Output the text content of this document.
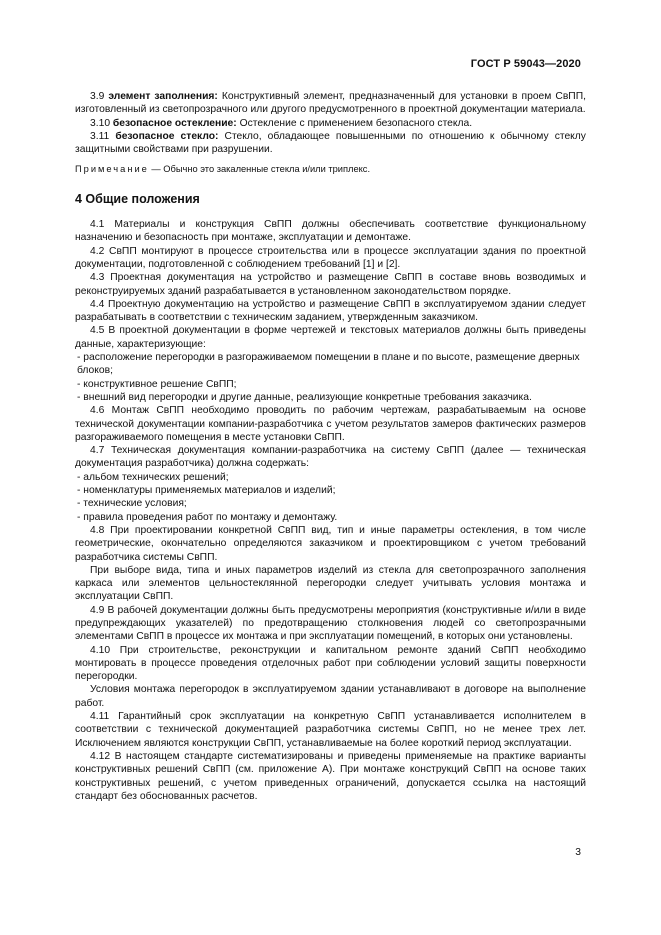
ГОСТ Р 59043—2020

3.9 элемент заполнения: Конструктивный элемент, предназначенный для установки в проем СвПП, изготовленный из светопрозрачного или другого предусмотренного в проектной документации материала.

3.10 безопасное остекление: Остекление с применением безопасного стекла.

3.11 безопасное стекло: Стекло, обладающее повышенными по отношению к обычному стеклу защитными свойствами при разрушении.

Примечание — Обычно это закаленные стекла и/или триплекс.

4 Общие положения

4.1 Материалы и конструкция СвПП должны обеспечивать соответствие функциональному назначению и безопасность при монтаже, эксплуатации и демонтаже.

4.2 СвПП монтируют в процессе строительства или в процессе эксплуатации здания по проектной документации, подготовленной с соблюдением требований [1] и [2].

4.3 Проектная документация на устройство и размещение СвПП в составе вновь возводимых и реконструируемых зданий разрабатывается в установленном законодательством порядке.

4.4 Проектную документацию на устройство и размещение СвПП в эксплуатируемом здании следует разрабатывать в соответствии с техническим заданием, утвержденным заказчиком.

4.5 В проектной документации в форме чертежей и текстовых материалов должны быть приведены данные, характеризующие:

- расположение перегородки в разгораживаемом помещении в плане и по высоте, размещение дверных блоков;

- конструктивное решение СвПП;

- внешний вид перегородки и другие данные, реализующие конкретные требования заказчика.

4.6 Монтаж СвПП необходимо проводить по рабочим чертежам, разрабатываемым на основе технической документации компании-разработчика с учетом результатов замеров фактических размеров разгораживаемого помещения в месте установки СвПП.

4.7 Техническая документация компании-разработчика на систему СвПП (далее — техническая документация разработчика) должна содержать:

- альбом технических решений;

- номенклатуры применяемых материалов и изделий;

- технические условия;

- правила проведения работ по монтажу и демонтажу.

4.8 При проектировании конкретной СвПП вид, тип и иные параметры остекления, в том числе геометрические, окончательно определяются заказчиком и проектировщиком с учетом требований разработчика системы СвПП.

При выборе вида, типа и иных параметров изделий из стекла для светопрозрачного заполнения каркаса или элементов цельностеклянной перегородки следует учитывать условия монтажа и эксплуатации СвПП.

4.9 В рабочей документации должны быть предусмотрены мероприятия (конструктивные и/или в виде предупреждающих указателей) по предотвращению столкновения людей со светопрозрачными элементами СвПП в процессе их монтажа и при эксплуатации помещений, в которых они установлены.

4.10 При строительстве, реконструкции и капитальном ремонте зданий СвПП необходимо монтировать в процессе проведения отделочных работ при соблюдении условий защиты поверхности перегородки.

Условия монтажа перегородок в эксплуатируемом здании устанавливают в договоре на выполнение работ.

4.11 Гарантийный срок эксплуатации на конкретную СвПП устанавливается исполнителем в соответствии с технической документацией разработчика системы СвПП, но не менее трех лет. Исключением являются конструкции СвПП, устанавливаемые на более короткий период эксплуатации.

4.12 В настоящем стандарте систематизированы и приведены применяемые на практике варианты конструктивных решений СвПП (см. приложение А). При монтаже конструкций СвПП на основе таких конструктивных решений, с учетом приведенных ограничений, допускается ссылка на настоящий стандарт без обоснованных расчетов.

3
